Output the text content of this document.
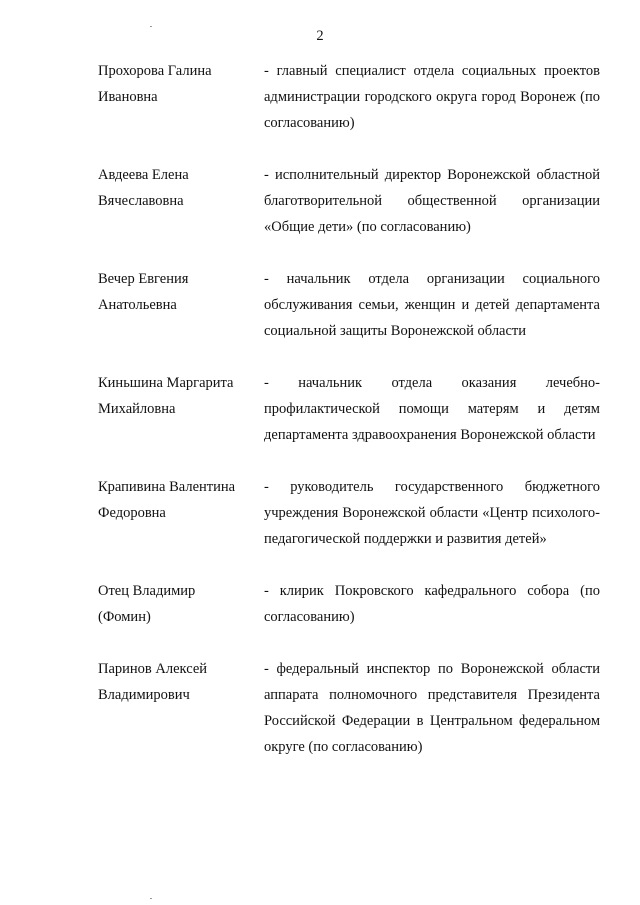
2
Прохорова Галина
Ивановна
- главный специалист отдела социальных проектов администрации городского округа город Воронеж (по согласованию)
Авдеева Елена
Вячеславовна
- исполнительный директор Воронежской областной благотворительной общественной организации «Общие дети» (по согласованию)
Вечер Евгения
Анатольевна
- начальник отдела организации социального обслуживания семьи, женщин и детей департамента социальной защиты Воронежской области
Киньшина Маргарита
Михайловна
- начальник отдела оказания лечебно-профилактической помощи матерям и детям департамента здравоохранения Воронежской области
Крапивина Валентина
Федоровна
- руководитель государственного бюджетного учреждения Воронежской области «Центр психолого-педагогической поддержки и развития детей»
Отец Владимир
(Фомин)
- клирик Покровского кафедрального собора (по согласованию)
Паринов Алексей
Владимирович
- федеральный инспектор по Воронежской области аппарата полномочного представителя Президента Российской Федерации в Центральном федеральном округе (по согласованию)
